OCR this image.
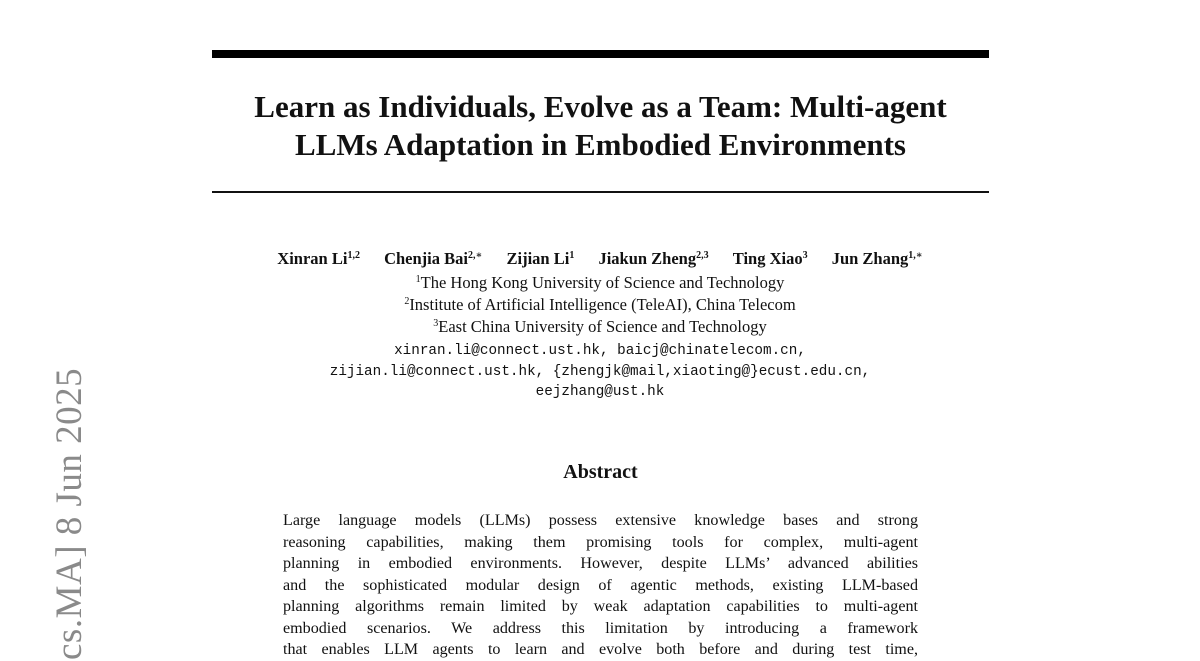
Learn as Individuals, Evolve as a Team: Multi-agent
LLMs Adaptation in Embodied Environments
Xinran Li$^{1,2}$ Chenjia Bai$^{2,∗}$ Zijian Li$^1$ Jiakun Zheng$^{2,3}$ Ting Xiao$^3$ Jun Zhang$^{1,∗}$
$^1$The Hong Kong University of Science and Technology
$^2$Institute of Artificial Intelligence (TeleAI), China Telecom
$^3$East China University of Science and Technology
xinran.li@connect.ust.hk, baicj@chinatelecom.cn,
zijian.li@connect.ust.hk, {zhengjk@mail,xiaoting@}ecust.edu.cn,
eejzhang@ust.hk
Abstract
Large language models (LLMs) possess extensive knowledge bases and strong
reasoning capabilities, making them promising tools for complex, multi-agent
planning in embodied environments. However, despite LLMs’ advanced abilities
and the sophisticated modular design of agentic methods, existing LLM-based
planning algorithms remain limited by weak adaptation capabilities to multi-agent
embodied scenarios. We address this limitation by introducing a framework
that enables LLM agents to learn and evolve both before and during test time,
cs.MA] 8 Jun 2025
